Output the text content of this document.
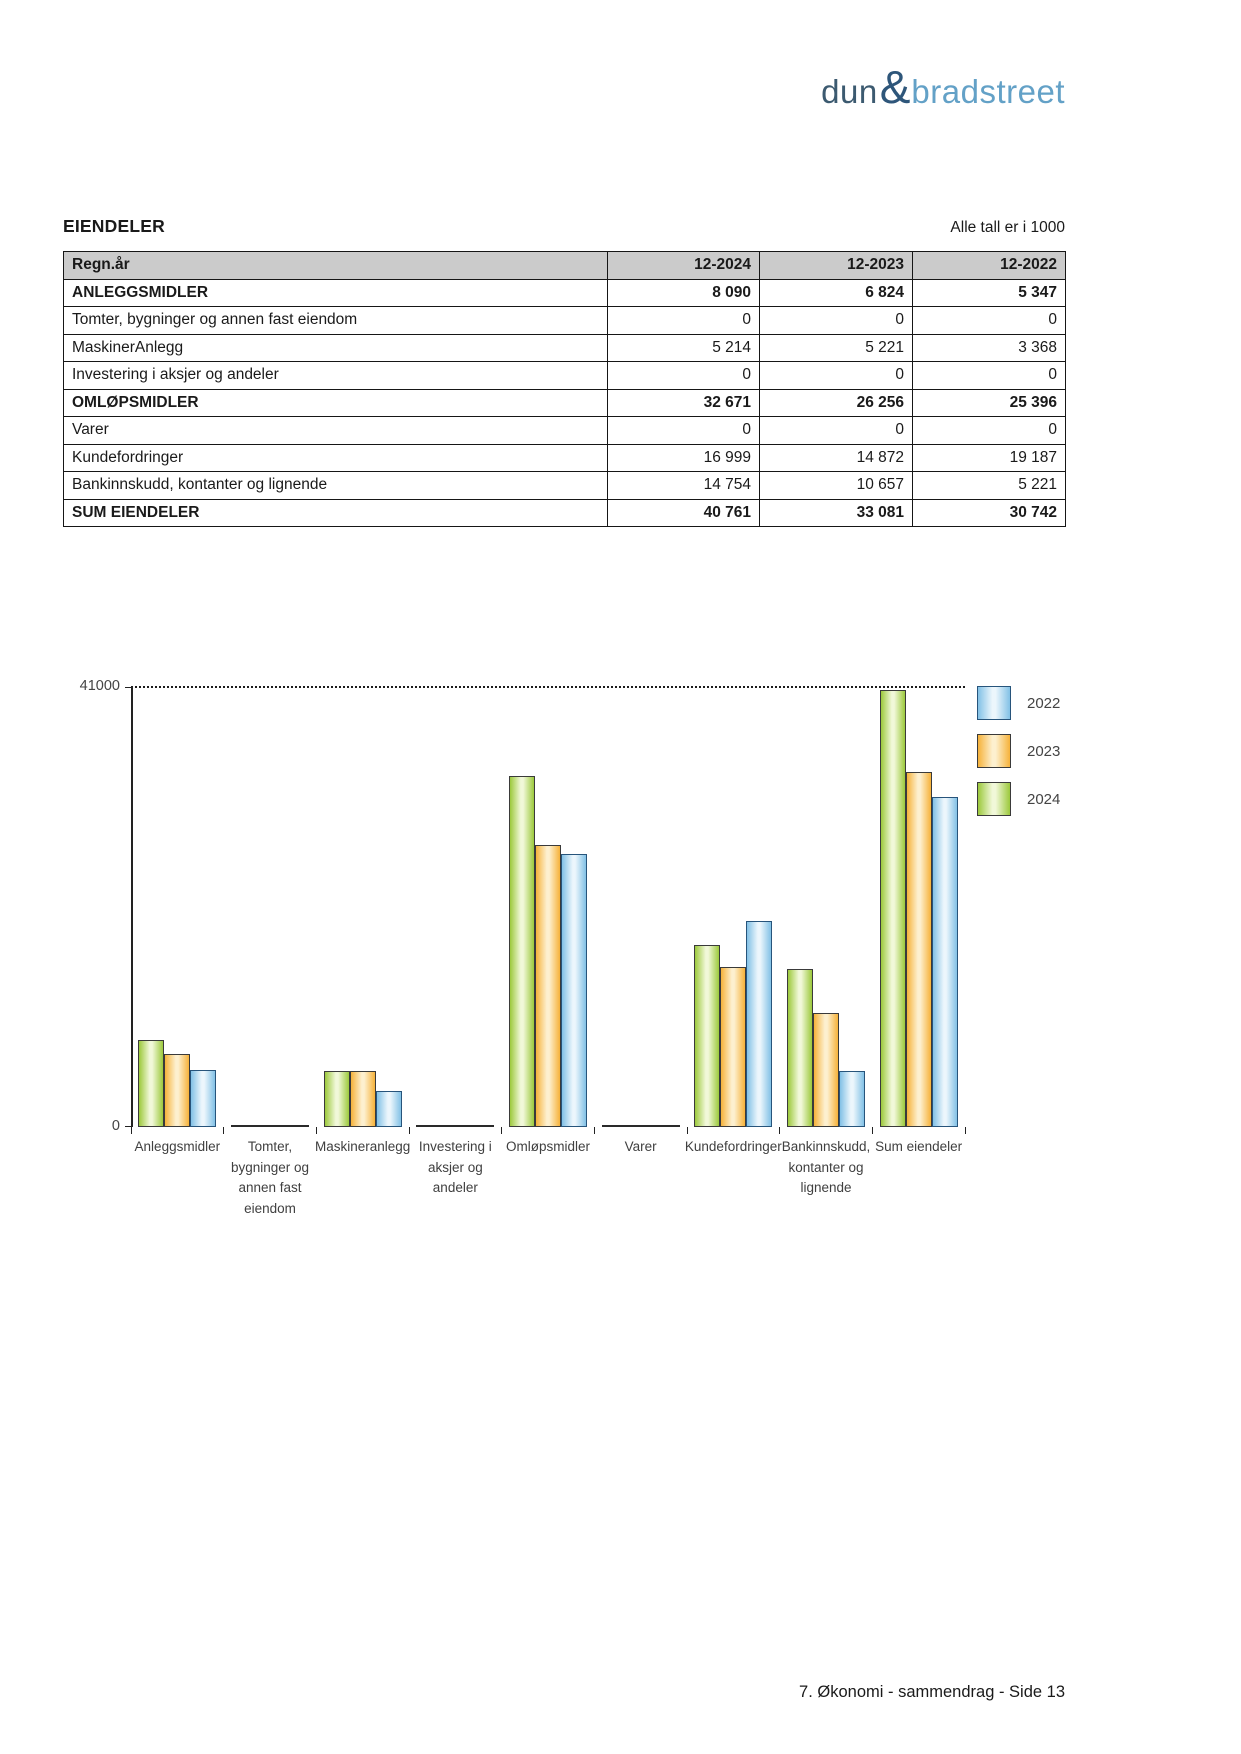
dun & bradstreet
EIENDELER	Alle tall er i 1000
Regn.år	12-2024	12-2023	12-2022
ANLEGGSMIDLER	8 090	6 824	5 347
Tomter, bygninger og annen fast eiendom	0	0	0
MaskinerAnlegg	5 214	5 221	3 368
Investering i aksjer og andeler	0	0	0
OMLØPSMIDLER	32 671	26 256	25 396
Varer	0	0	0
Kundefordringer	16 999	14 872	19 187
Bankinnskudd, kontanter og lignende	14 754	10 657	5 221
SUM EIENDELER	40 761	33 081	30 742
41000
0
Anleggsmidler	Tomter,
bygninger og
annen fast
eiendom
Maskineranlegg Investering i
aksjer og
andeler
Omløpsmidler	Varer	Kundefordringer Bankinnskudd,
kontanter og
lignende
Sum eiendeler
2022
2023
2024
7. Økonomi - sammendrag - Side 13
